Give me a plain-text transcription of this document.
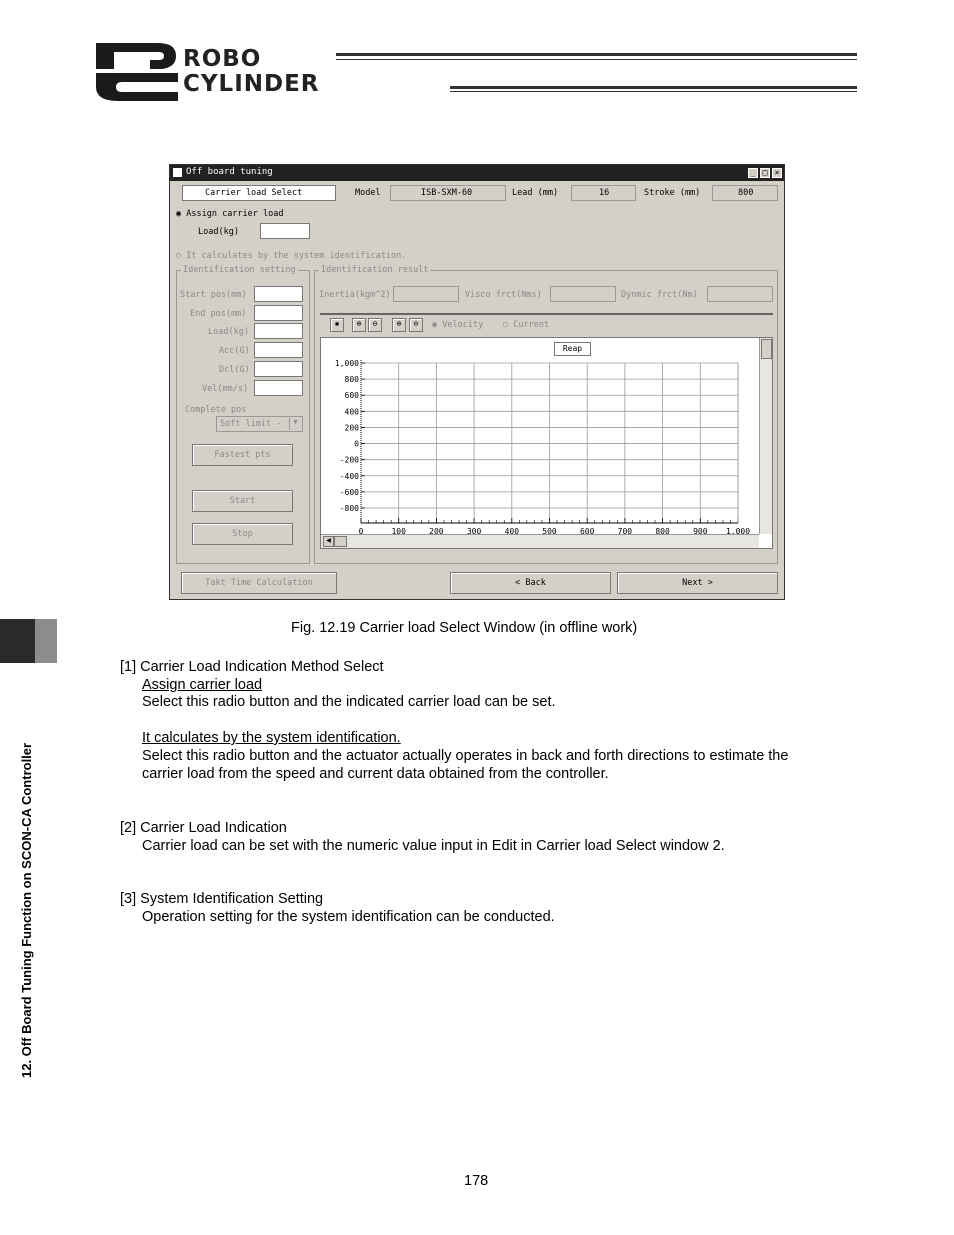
ROBO
CYLINDER
Off board tuning	_ □ ×
Carrier load Select	Model	ISB-SXM-60	Lead (mm)	16	Stroke (mm)	800
◉ Assign carrier load
Load(kg)
○ It calculates by the system identification.
Identification setting
Start pos(mm)
End pos(mm)
Load(kg)
Acc(G)
Dcl(G)
Vel(mm/s)
Complete pos
Soft limit -	▼
Fastest pts
Start
Stop
Identification result
Inertia(kgm^2)	Visco frct(Nms)	Dynmic frct(Nm)
▪	⊕	⊖	⊕	⊖	◉ Velocity ○ Current
0	100	200	300	400	500	600	700	800	900 1,000
1,000
800
600
400
200
0
-200
-400
-600
-800
◀
Reap
Takt Time Calculation	< Back	Next >
Fig. 12.19 Carrier load Select Window (in offline work)
[1] Carrier Load Indication Method Select
Assign carrier load
Select this radio button and the indicated carrier load can be set.
It calculates by the system identification.
Select this radio button and the actuator actually operates in back and forth directions to estimate the
carrier load from the speed and current data obtained from the controller.
[2] Carrier Load Indication
Carrier load can be set with the numeric value input in Edit in Carrier load Select window 2.
[3] System Identification Setting
Operation setting for the system identification can be conducted.
12. Off Board Tuning Function on SCON-CA Controller
178
